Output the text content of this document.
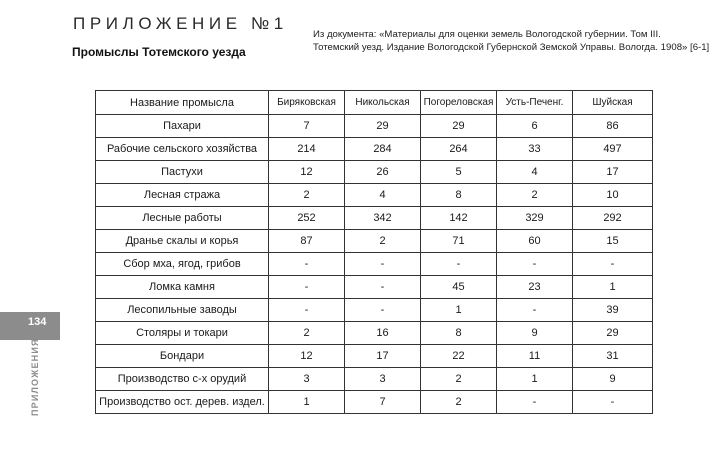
ПРИЛОЖЕНИЕ №1
Промыслы Тотемского уезда
Из документа: «Материалы для оценки земель Вологодской губернии. Том III.
Тотемский уезд. Издание Вологодской Губернской Земской Управы. Вологда. 1908» [6-1]
134
ПРИЛОЖЕНИЯ
Название промысла	Биряковская	Никольская	Погореловская	Усть-Печенг.	Шуйская
Пахари	7	29	29	6	86
Рабочие сельского хозяйства	214	284	264	33	497
Пастухи	12	26	5	4	17
Лесная стража	2	4	8	2	10
Лесные работы	252	342	142	329	292
Дранье скалы и корья	87	2	71	60	15
Сбор мха, ягод, грибов	-	-	-	-	-
Ломка камня	-	-	45	23	1
Лесопильные заводы	-	-	1	-	39
Столяры и токари	2	16	8	9	29
Бондари	12	17	22	11	31
Производство с-х орудий	3	3	2	1	9
Производство ост. дерев. издел.	1	7	2	-	-
